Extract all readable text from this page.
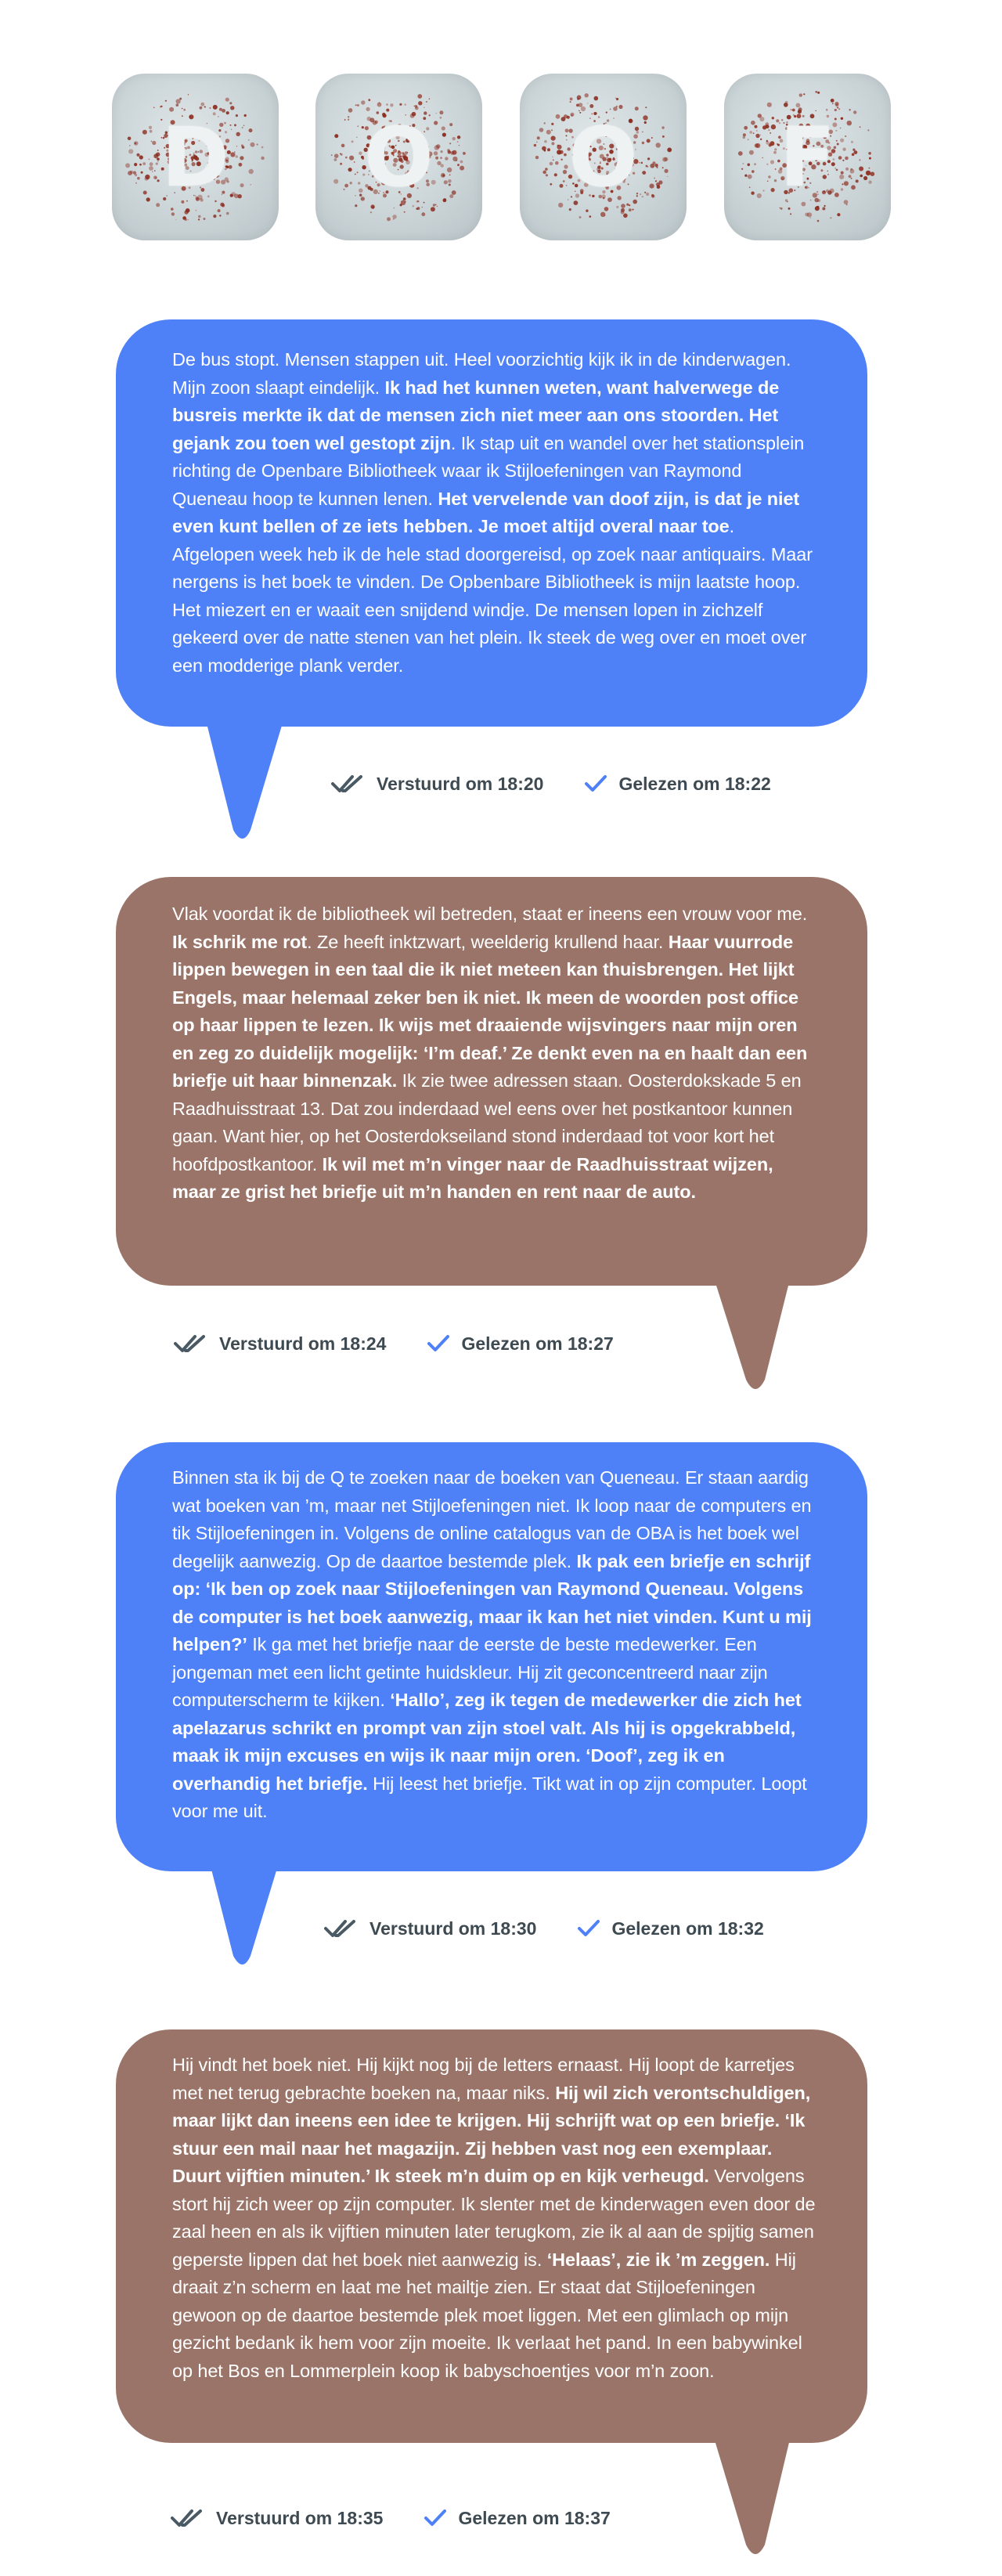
D	O	O	F

De bus stopt. Mensen stappen uit. Heel voorzichtig kijk ik in de kinderwagen. Mijn zoon slaapt eindelijk. Ik had het kunnen weten, want halverwege de busreis merkte ik dat de mensen zich niet meer aan ons stoorden. Het gejank zou toen wel gestopt zijn. Ik stap uit en wandel over het stationsplein richting de Openbare Bibliotheek waar ik Stijloefeningen van Raymond Queneau hoop te kunnen lenen. Het vervelende van doof zijn, is dat je niet even kunt bellen of ze iets hebben. Je moet altijd overal naar toe. Afgelopen week heb ik de hele stad doorgereisd, op zoek naar antiquairs. Maar nergens is het boek te vinden. De Opbenbare Bibliotheek is mijn laatste hoop. Het miezert en er waait een snijdend windje. De mensen lopen in zichzelf gekeerd over de natte stenen van het plein. Ik steek de weg over en moet over een modderige plank verder.

Verstuurd om 18:20	Gelezen om 18:22

Vlak voordat ik de bibliotheek wil betreden, staat er ineens een vrouw voor me. Ik schrik me rot. Ze heeft inktzwart, weelderig krullend haar. Haar vuurrode lippen bewegen in een taal die ik niet meteen kan thuisbrengen. Het lijkt Engels, maar helemaal zeker ben ik niet. Ik meen de woorden post office op haar lippen te lezen. Ik wijs met draaiende wijsvingers naar mijn oren en zeg zo duidelijk mogelijk: ‘I’m deaf.’ Ze denkt even na en haalt dan een briefje uit haar binnenzak. Ik zie twee adressen staan. Oosterdokskade 5 en Raadhuisstraat 13. Dat zou inderdaad wel eens over het postkantoor kunnen gaan. Want hier, op het Oosterdokseiland stond inderdaad tot voor kort het hoofdpostkantoor. Ik wil met m’n vinger naar de Raadhuisstraat wijzen, maar ze grist het briefje uit m’n handen en rent naar de auto.

Verstuurd om 18:24	Gelezen om 18:27

Binnen sta ik bij de Q te zoeken naar de boeken van Queneau. Er staan aardig wat boeken van ’m, maar net Stijloefeningen niet. Ik loop naar de computers en tik Stijloefeningen in. Volgens de online catalogus van de OBA is het boek wel degelijk aanwezig. Op de daartoe bestemde plek. Ik pak een briefje en schrijf op: ‘Ik ben op zoek naar Stijloefeningen van Raymond Queneau. Volgens de computer is het boek aanwezig, maar ik kan het niet vinden. Kunt u mij helpen?’ Ik ga met het briefje naar de eerste de beste medewerker. Een jongeman met een licht getinte huidskleur. Hij zit geconcentreerd naar zijn computerscherm te kijken. ‘Hallo’, zeg ik tegen de medewerker die zich het apelazarus schrikt en prompt van zijn stoel valt. Als hij is opgekrabbeld, maak ik mijn excuses en wijs ik naar mijn oren. ‘Doof’, zeg ik en overhandig het briefje. Hij leest het briefje. Tikt wat in op zijn computer. Loopt voor me uit.

Verstuurd om 18:30	Gelezen om 18:32

Hij vindt het boek niet. Hij kijkt nog bij de letters ernaast. Hij loopt de karretjes met net terug gebrachte boeken na, maar niks. Hij wil zich verontschuldigen, maar lijkt dan ineens een idee te krijgen. Hij schrijft wat op een briefje. ‘Ik stuur een mail naar het magazijn. Zij hebben vast nog een exemplaar. Duurt vijftien minuten.’ Ik steek m’n duim op en kijk verheugd. Vervolgens stort hij zich weer op zijn computer. Ik slenter met de kinderwagen even door de zaal heen en als ik vijftien minuten later terugkom, zie ik al aan de spijtig samen geperste lippen dat het boek niet aanwezig is. ‘Helaas’, zie ik ’m zeggen. Hij draait z’n scherm en laat me het mailtje zien. Er staat dat Stijloefeningen gewoon op de daartoe bestemde plek moet liggen. Met een glimlach op mijn gezicht bedank ik hem voor zijn moeite. Ik verlaat het pand. In een babywinkel op het Bos en Lommerplein koop ik babyschoentjes voor m’n zoon.

Verstuurd om 18:35	Gelezen om 18:37
